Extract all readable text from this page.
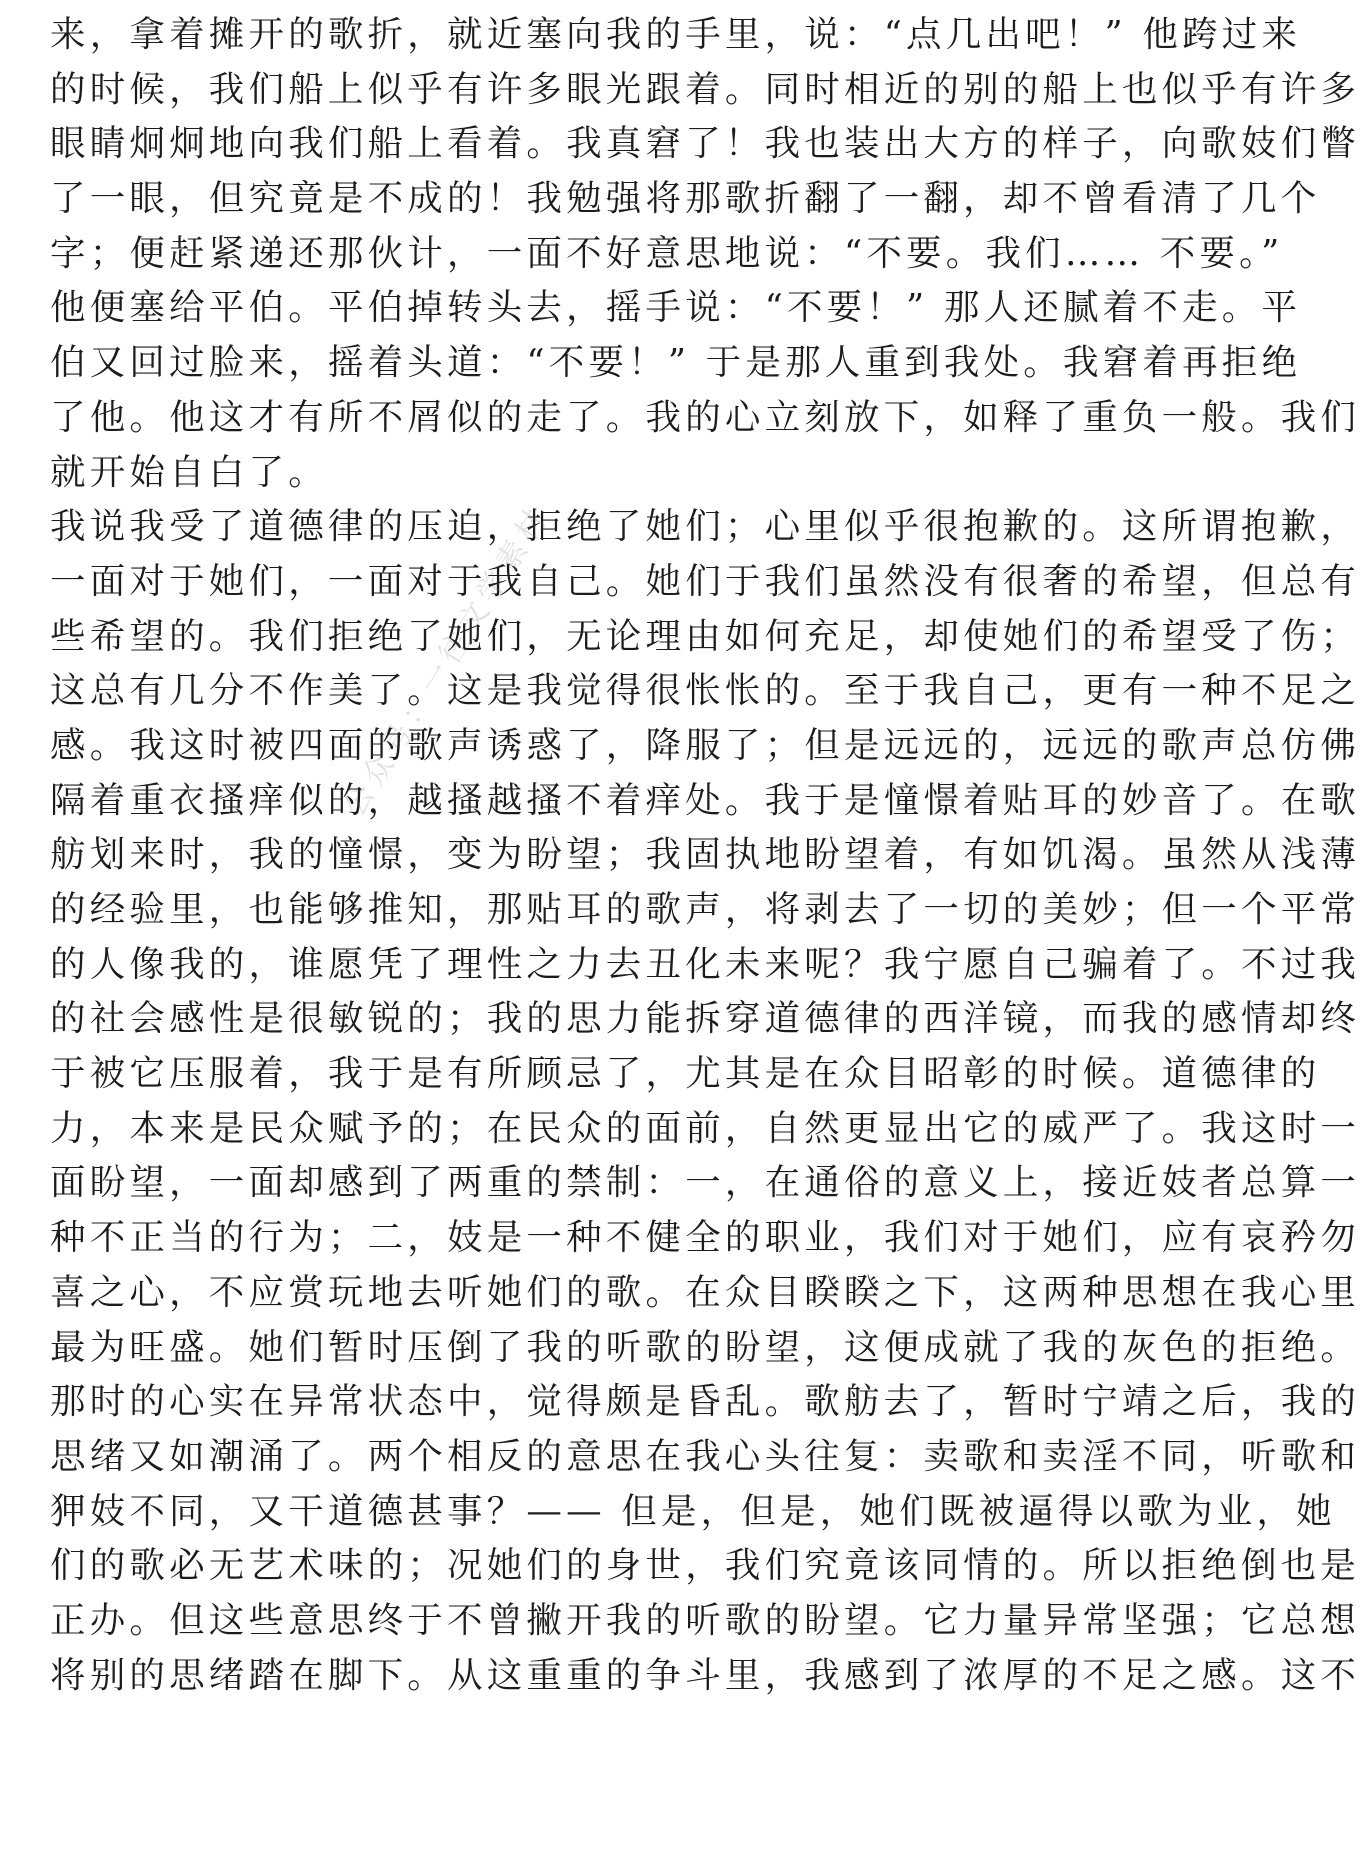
来，拿着摊开的歌折，就近塞向我的手里，说：“点几出吧！” 他跨过来
的时候，我们船上似乎有许多眼光跟着。同时相近的别的船上也似乎有许多
眼睛炯炯地向我们船上看着。我真窘了！我也装出大方的样子，向歌妓们瞥
了一眼，但究竟是不成的！我勉强将那歌折翻了一翻，却不曾看清了几个
字；便赶紧递还那伙计，一面不好意思地说：“不要。我们…… 不要。”
他便塞给平伯。平伯掉转头去，摇手说：“不要！” 那人还腻着不走。平
伯又回过脸来，摇着头道：“不要！” 于是那人重到我处。我窘着再拒绝
了他。他这才有所不屑似的走了。我的心立刻放下，如释了重负一般。我们
就开始自白了。
我说我受了道德律的压迫，拒绝了她们；心里似乎很抱歉的。这所谓抱歉，
一面对于她们，一面对于我自己。她们于我们虽然没有很奢的希望，但总有
些希望的。我们拒绝了她们，无论理由如何充足，却使她们的希望受了伤；
这总有几分不作美了。这是我觉得很怅怅的。至于我自己，更有一种不足之
感。我这时被四面的歌声诱惑了，降服了；但是远远的，远远的歌声总仿佛
隔着重衣搔痒似的，越搔越搔不着痒处。我于是憧憬着贴耳的妙音了。在歌
舫划来时，我的憧憬，变为盼望；我固执地盼望着，有如饥渴。虽然从浅薄
的经验里，也能够推知，那贴耳的歌声，将剥去了一切的美妙；但一个平常
的人像我的，谁愿凭了理性之力去丑化未来呢？我宁愿自己骗着了。不过我
的社会感性是很敏锐的；我的思力能拆穿道德律的西洋镜，而我的感情却终
于被它压服着，我于是有所顾忌了，尤其是在众目昭彰的时候。道德律的
力，本来是民众赋予的；在民众的面前，自然更显出它的威严了。我这时一
面盼望，一面却感到了两重的禁制：一，在通俗的意义上，接近妓者总算一
种不正当的行为；二，妓是一种不健全的职业，我们对于她们，应有哀矜勿
喜之心，不应赏玩地去听她们的歌。在众目睽睽之下，这两种思想在我心里
最为旺盛。她们暂时压倒了我的听歌的盼望，这便成就了我的灰色的拒绝。
那时的心实在异常状态中，觉得颇是昏乱。歌舫去了，暂时宁靖之后，我的
思绪又如潮涌了。两个相反的意思在我心头往复：卖歌和卖淫不同，听歌和
狎妓不同，又干道德甚事？—— 但是，但是，她们既被逼得以歌为业，她
们的歌必无艺术味的；况她们的身世，我们究竟该同情的。所以拒绝倒也是
正办。但这些意思终于不曾撇开我的听歌的盼望。它力量异常坚强；它总想
将别的思绪踏在脚下。从这重重的争斗里，我感到了浓厚的不足之感。这不
公众号：一往文学素材
